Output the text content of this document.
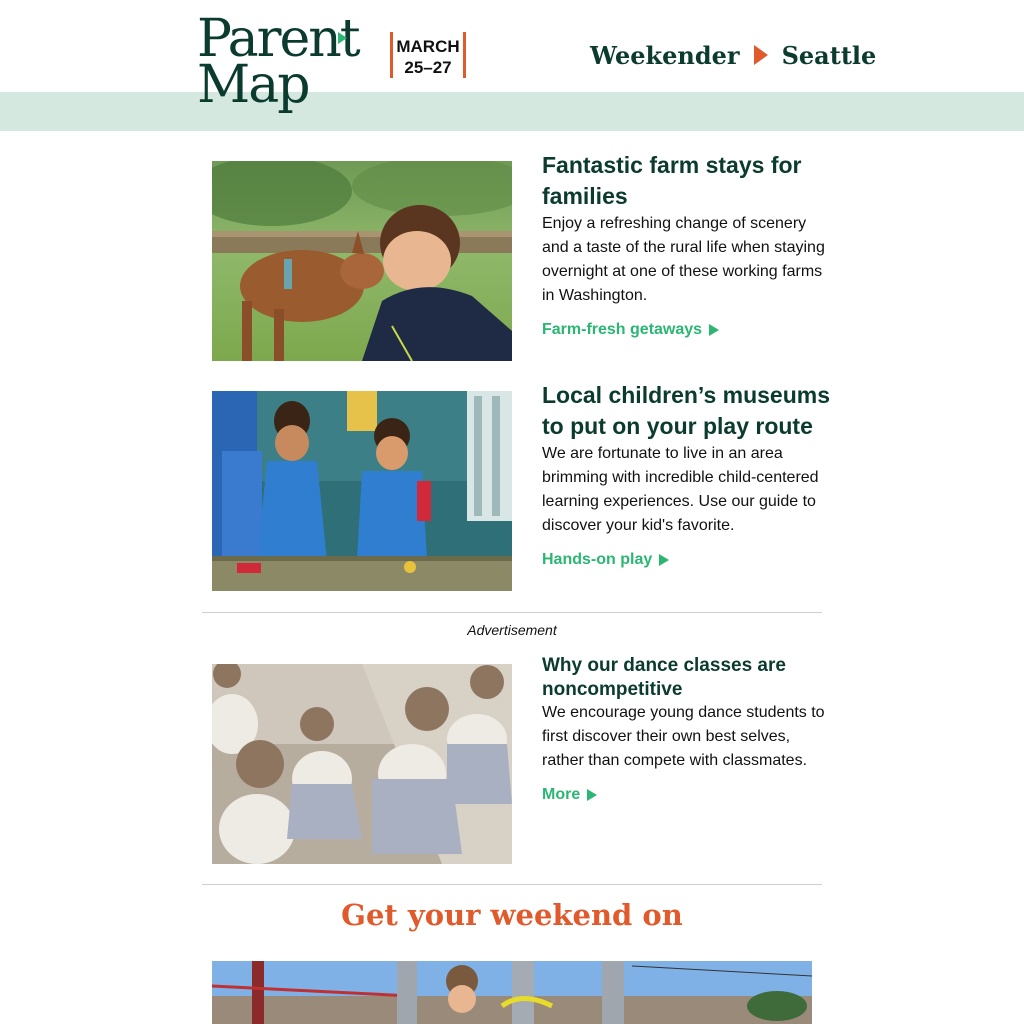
Parent
Map
MARCH
25–27	Weekender Seattle
Fantastic farm stays for families

Enjoy a refreshing change of scenery and a taste of the rural life when staying overnight at one of these working farms in Washington.

Farm-fresh getaways
Local children’s museums to put on your play route

We are fortunate to live in an area brimming with incredible child-centered learning experiences. Use our guide to discover your kid's favorite.

Hands-on play
Advertisement
Why our dance classes are noncompetitive

We encourage young dance students to first discover their own best selves, rather than compete with classmates.

More
Get your weekend on
